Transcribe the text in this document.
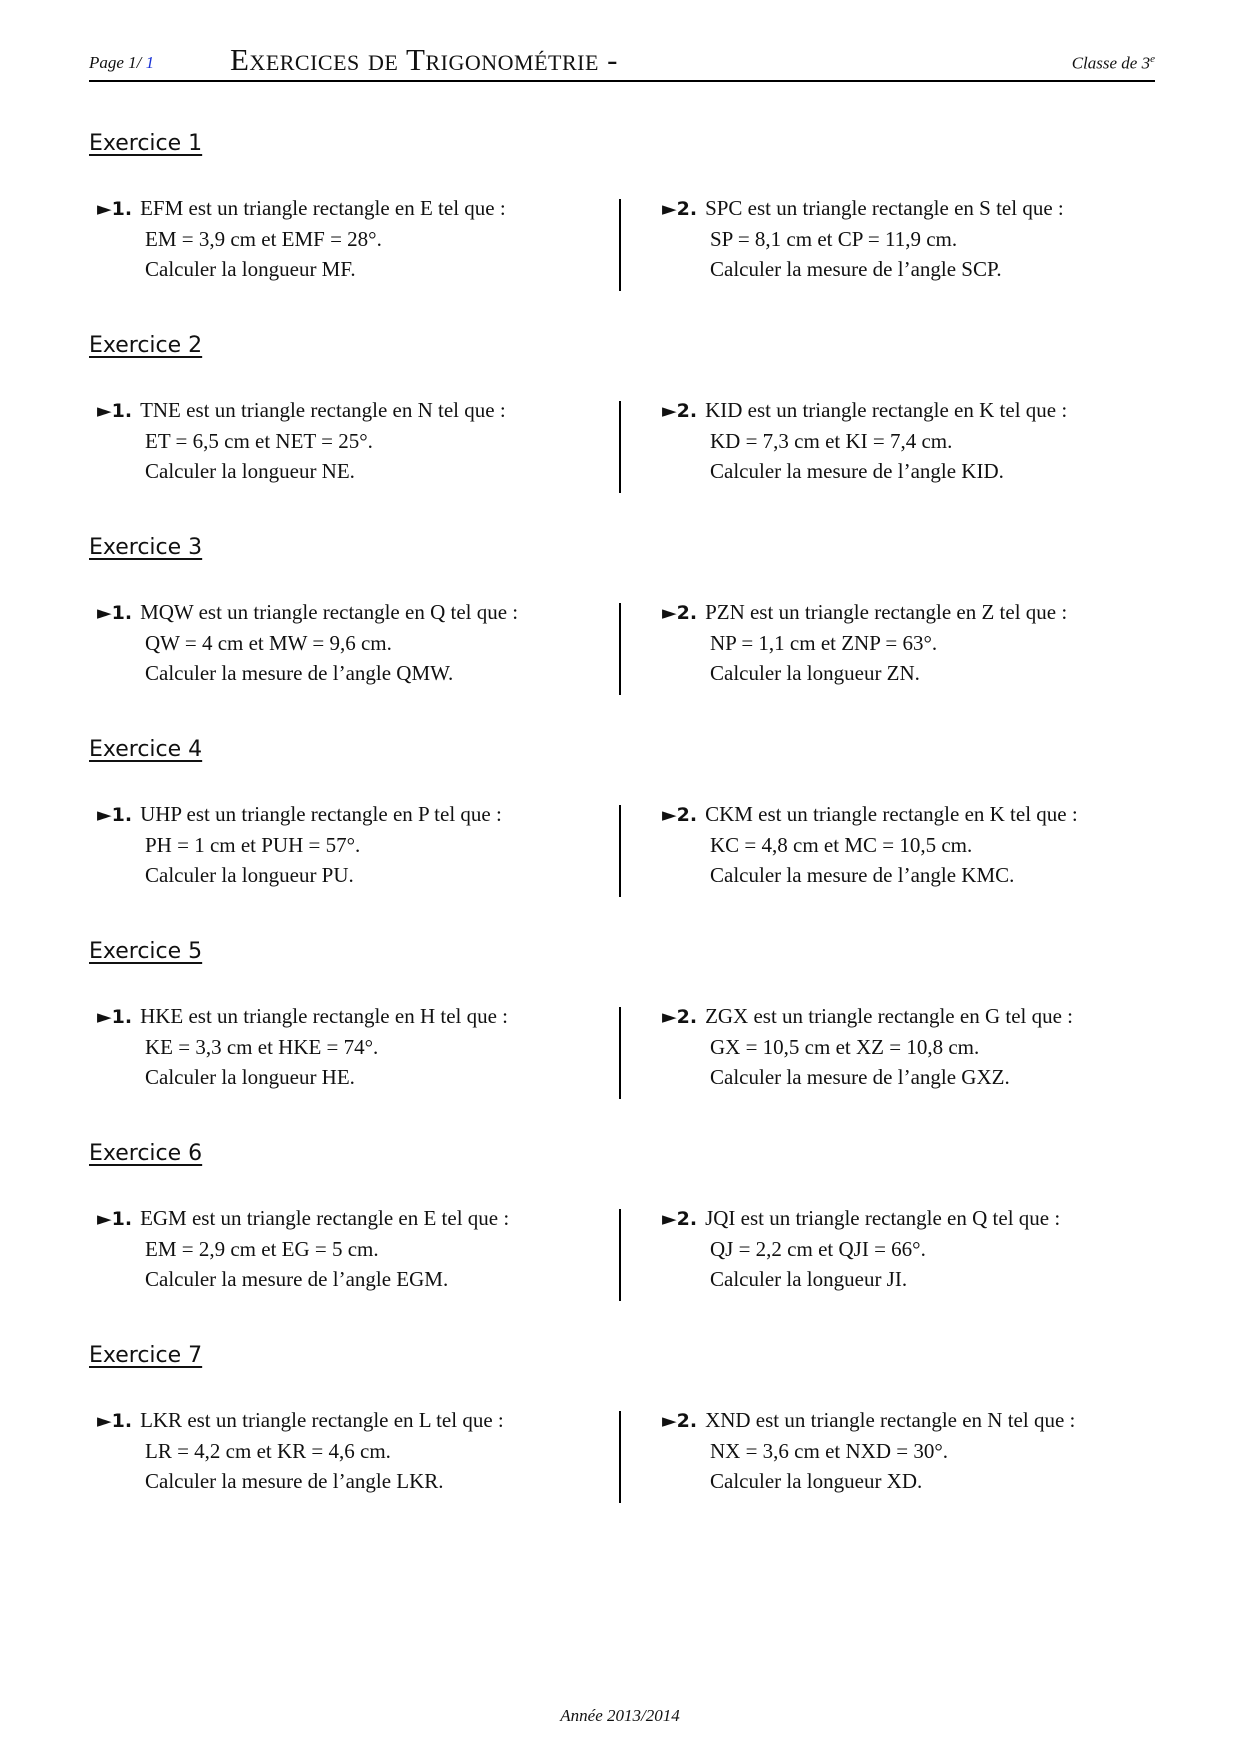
Page 1/ 1 Exercices de Trigonométrie -	Classe de 3e
Exercice 1
►1. EFM est un triangle rectangle en E tel que :
EM = 3,9 cm et EMF = 28°.
Calculer la longueur MF.
►2. SPC est un triangle rectangle en S tel que :
SP = 8,1 cm et CP = 11,9 cm.
Calculer la mesure de l’angle SCP.
Exercice 2
►1. TNE est un triangle rectangle en N tel que :
ET = 6,5 cm et NET = 25°.
Calculer la longueur NE.
►2. KID est un triangle rectangle en K tel que :
KD = 7,3 cm et KI = 7,4 cm.
Calculer la mesure de l’angle KID.
Exercice 3
►1. MQW est un triangle rectangle en Q tel que :
QW = 4 cm et MW = 9,6 cm.
Calculer la mesure de l’angle QMW.
►2. PZN est un triangle rectangle en Z tel que :
NP = 1,1 cm et ZNP = 63°.
Calculer la longueur ZN.
Exercice 4
►1. UHP est un triangle rectangle en P tel que :
PH = 1 cm et PUH = 57°.
Calculer la longueur PU.
►2. CKM est un triangle rectangle en K tel que :
KC = 4,8 cm et MC = 10,5 cm.
Calculer la mesure de l’angle KMC.
Exercice 5
►1. HKE est un triangle rectangle en H tel que :
KE = 3,3 cm et HKE = 74°.
Calculer la longueur HE.
►2. ZGX est un triangle rectangle en G tel que :
GX = 10,5 cm et XZ = 10,8 cm.
Calculer la mesure de l’angle GXZ.
Exercice 6
►1. EGM est un triangle rectangle en E tel que :
EM = 2,9 cm et EG = 5 cm.
Calculer la mesure de l’angle EGM.
►2. JQI est un triangle rectangle en Q tel que :
QJ = 2,2 cm et QJI = 66°.
Calculer la longueur JI.
Exercice 7
►1. LKR est un triangle rectangle en L tel que :
LR = 4,2 cm et KR = 4,6 cm.
Calculer la mesure de l’angle LKR.
►2. XND est un triangle rectangle en N tel que :
NX = 3,6 cm et NXD = 30°.
Calculer la longueur XD.
Année 2013/2014
